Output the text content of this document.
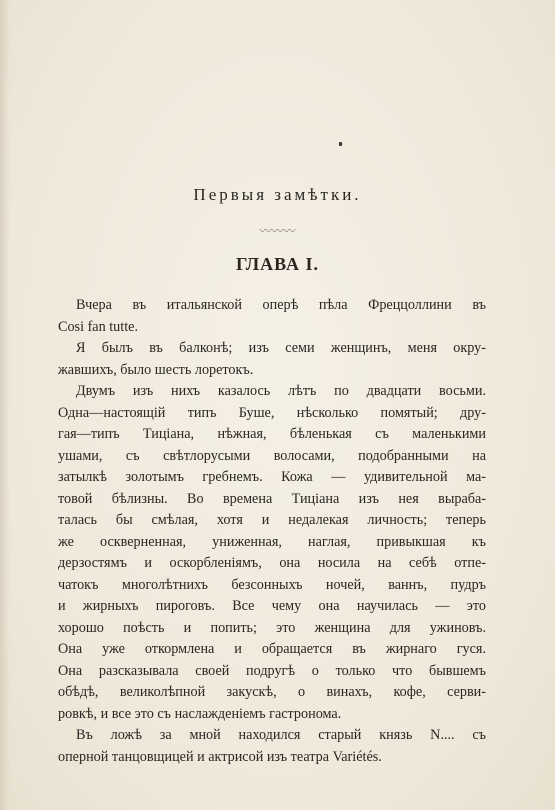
Первыя замѣтки.
〰〰〰
ГЛАВА I.
Вчера въ итальянской оперѣ пѣла Фреццоллини въ
Cosi fan tutte.
Я былъ въ балконѣ; изъ семи женщинъ, меня окру-
жавшихъ, было шесть лоретокъ.
Двумъ изъ нихъ казалось лѣтъ по двадцати восьми.
Одна—настоящій типъ Буше, нѣсколько помятый; дру-
гая—типъ Тиціана, нѣжная, бѣленькая съ маленькими
ушами, съ свѣтлорусыми волосами, подобранными на
затылкѣ золотымъ гребнемъ. Кожа — удивительной ма-
товой бѣлизны. Во времена Тиціана изъ нея выраба-
талась бы смѣлая, хотя и недалекая личность; теперь
же оскверненная, униженная, наглая, привыкшая къ
дерзостямъ и оскорбленіямъ, она носила на себѣ отпе-
чатокъ многолѣтнихъ безсонныхъ ночей, ваннъ, пудръ
и жирныхъ пироговъ. Все чему она научилась — это
хорошо поѣсть и попить; это женщина для ужиновъ.
Она уже откормлена и обращается въ жирнаго гуся.
Она разсказывала своей подругѣ о только что бывшемъ
обѣдѣ, великолѣпной закускѣ, о винахъ, кофе, серви-
ровкѣ, и все это съ наслажденіемъ гастронома.
Въ ложѣ за мной находился старый князь N.... съ
оперной танцовщицей и актрисой изъ театра Variétés.
